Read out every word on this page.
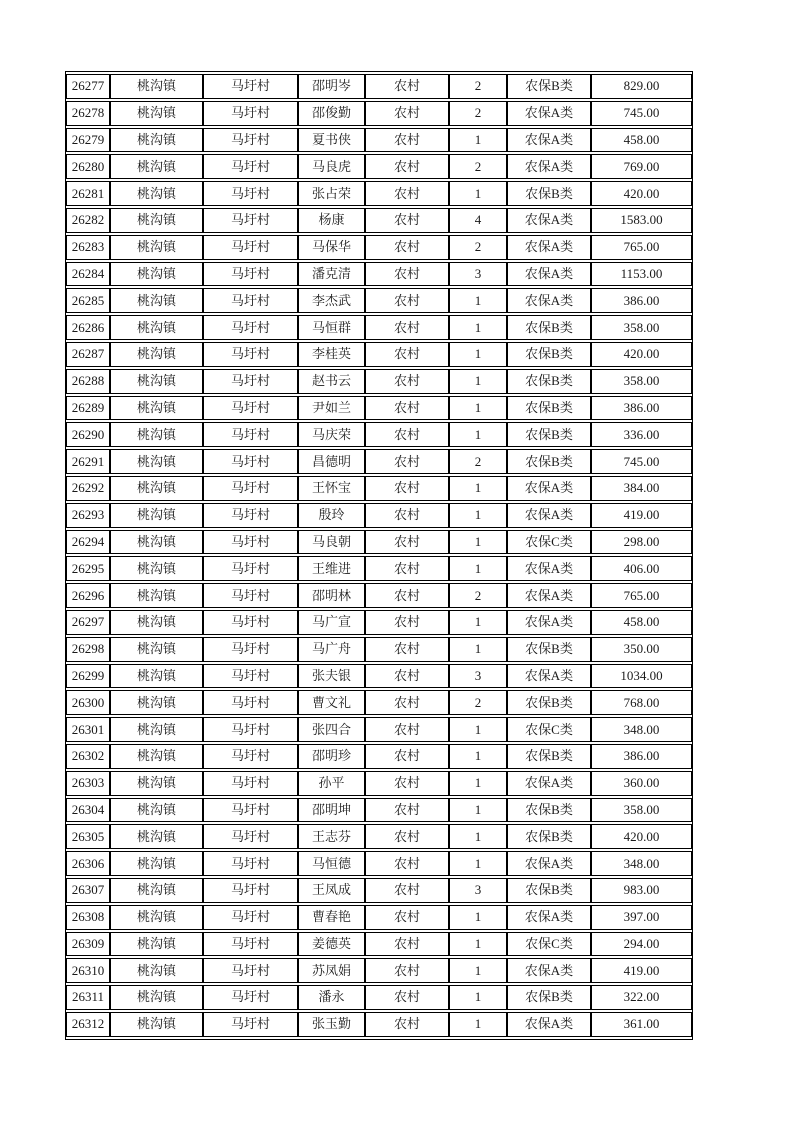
26277	桃沟镇	马圩村	邵明岑	农村	2	农保B类	829.00
26278	桃沟镇	马圩村	邵俊勤	农村	2	农保A类	745.00
26279	桃沟镇	马圩村	夏书侠	农村	1	农保A类	458.00
26280	桃沟镇	马圩村	马良虎	农村	2	农保A类	769.00
26281	桃沟镇	马圩村	张占荣	农村	1	农保B类	420.00
26282	桃沟镇	马圩村	杨康	农村	4	农保A类	1583.00
26283	桃沟镇	马圩村	马保华	农村	2	农保A类	765.00
26284	桃沟镇	马圩村	潘克清	农村	3	农保A类	1153.00
26285	桃沟镇	马圩村	李杰武	农村	1	农保A类	386.00
26286	桃沟镇	马圩村	马恒群	农村	1	农保B类	358.00
26287	桃沟镇	马圩村	李桂英	农村	1	农保B类	420.00
26288	桃沟镇	马圩村	赵书云	农村	1	农保B类	358.00
26289	桃沟镇	马圩村	尹如兰	农村	1	农保B类	386.00
26290	桃沟镇	马圩村	马庆荣	农村	1	农保B类	336.00
26291	桃沟镇	马圩村	昌德明	农村	2	农保B类	745.00
26292	桃沟镇	马圩村	王怀宝	农村	1	农保A类	384.00
26293	桃沟镇	马圩村	殷玲	农村	1	农保A类	419.00
26294	桃沟镇	马圩村	马良朝	农村	1	农保C类	298.00
26295	桃沟镇	马圩村	王维进	农村	1	农保A类	406.00
26296	桃沟镇	马圩村	邵明林	农村	2	农保A类	765.00
26297	桃沟镇	马圩村	马广宣	农村	1	农保A类	458.00
26298	桃沟镇	马圩村	马广舟	农村	1	农保B类	350.00
26299	桃沟镇	马圩村	张夫银	农村	3	农保A类	1034.00
26300	桃沟镇	马圩村	曹文礼	农村	2	农保B类	768.00
26301	桃沟镇	马圩村	张四合	农村	1	农保C类	348.00
26302	桃沟镇	马圩村	邵明珍	农村	1	农保B类	386.00
26303	桃沟镇	马圩村	孙平	农村	1	农保A类	360.00
26304	桃沟镇	马圩村	邵明坤	农村	1	农保B类	358.00
26305	桃沟镇	马圩村	王志芬	农村	1	农保B类	420.00
26306	桃沟镇	马圩村	马恒德	农村	1	农保A类	348.00
26307	桃沟镇	马圩村	王凤成	农村	3	农保B类	983.00
26308	桃沟镇	马圩村	曹春艳	农村	1	农保A类	397.00
26309	桃沟镇	马圩村	姜德英	农村	1	农保C类	294.00
26310	桃沟镇	马圩村	苏凤娟	农村	1	农保A类	419.00
26311	桃沟镇	马圩村	潘永	农村	1	农保B类	322.00
26312	桃沟镇	马圩村	张玉勤	农村	1	农保A类	361.00
